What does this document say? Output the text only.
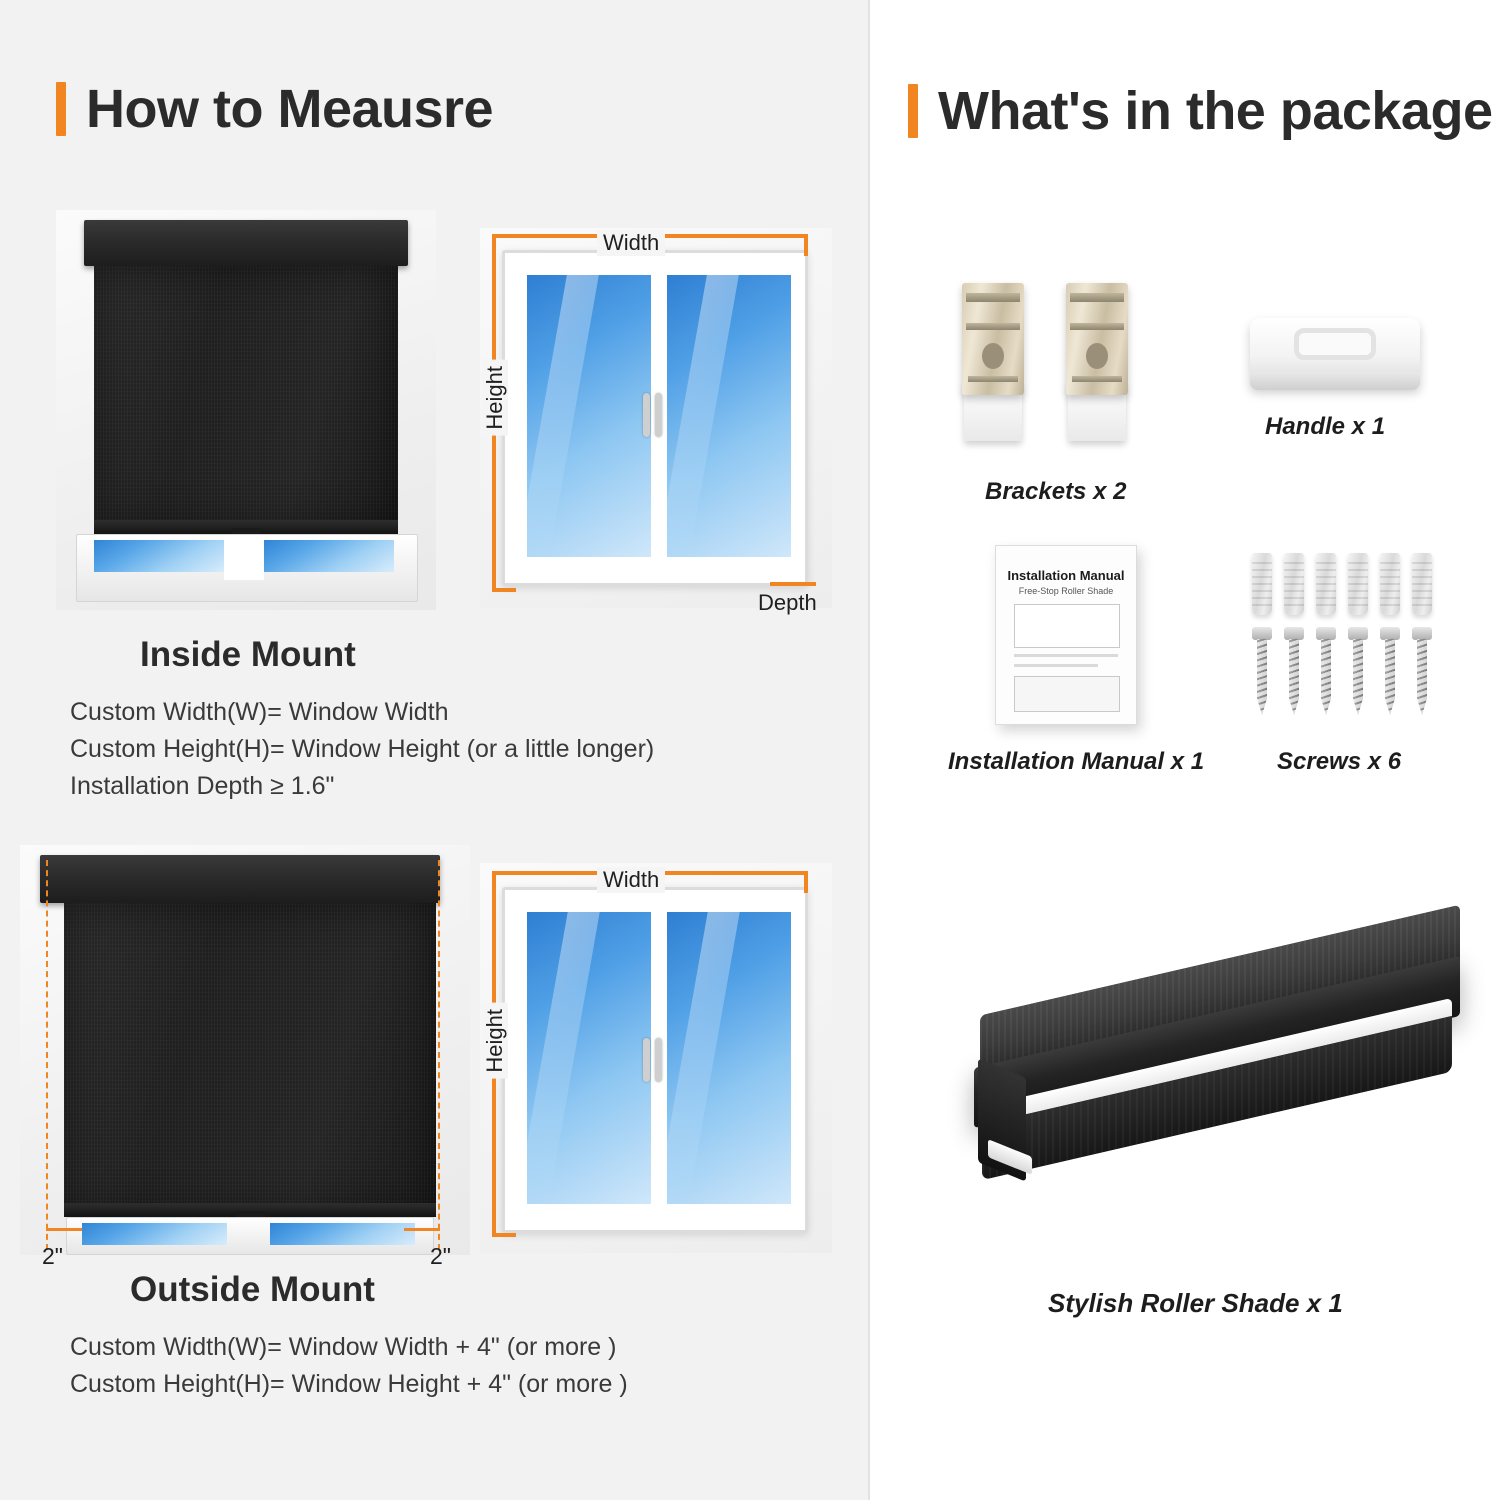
How to Meausre
Width
Height
Depth
Inside Mount
Custom Width(W)= Window Width
Custom Height(H)= Window Height (or a little longer)
Installation Depth ≥ 1.6"
2"	2"
Width
Height
Outside Mount
Custom Width(W)= Window Width + 4" (or more )
Custom Height(H)= Window Height + 4" (or more )
What's in the package
Brackets x 2
Handle x 1
Installation Manual
Free-Stop Roller Shade
Installation Manual x 1	Screws x 6
Stylish Roller Shade x 1
